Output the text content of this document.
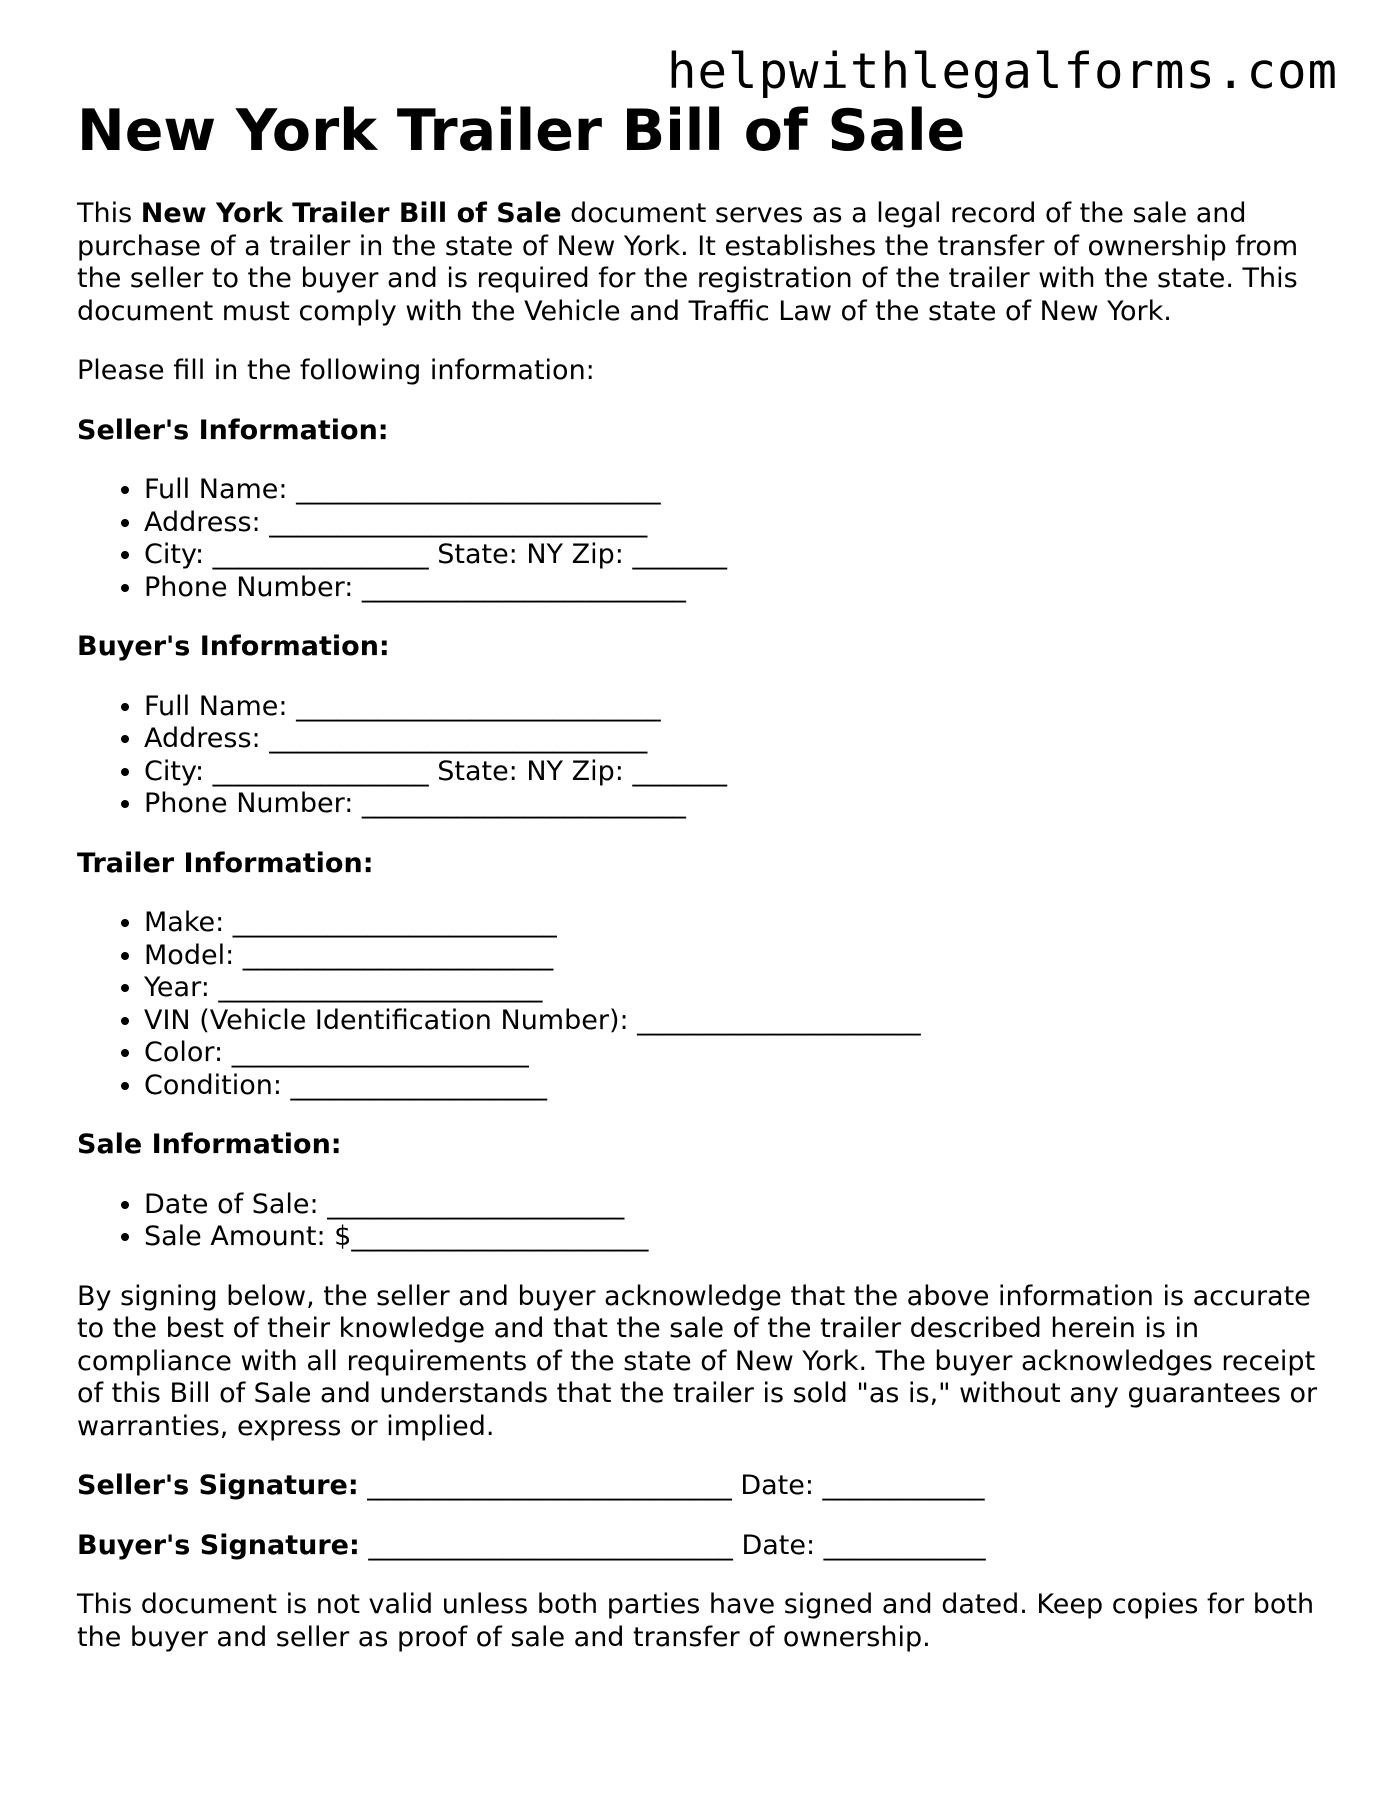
helpwithlegalforms.com
New York Trailer Bill of Sale

This New York Trailer Bill of Sale document serves as a legal record of the sale and purchase of a trailer in the state of New York. It establishes the transfer of ownership from the seller to the buyer and is required for the registration of the trailer with the state. This document must comply with the Vehicle and Traffic Law of the state of New York.

Please fill in the following information:

Seller's Information:

• Full Name: ___________________________
• Address: ____________________________
• City: ________________ State: NY Zip: _______
• Phone Number: ________________________

Buyer's Information:

• Full Name: ___________________________
• Address: ____________________________
• City: ________________ State: NY Zip: _______
• Phone Number: ________________________

Trailer Information:

• Make: ________________________
• Model: _______________________
• Year: ________________________
• VIN (Vehicle Identification Number): _____________________
• Color: ______________________
• Condition: ___________________

Sale Information:

• Date of Sale: ______________________
• Sale Amount: $______________________

By signing below, the seller and buyer acknowledge that the above information is accurate to the best of their knowledge and that the sale of the trailer described herein is in compliance with all requirements of the state of New York. The buyer acknowledges receipt of this Bill of Sale and understands that the trailer is sold "as is," without any guarantees or warranties, express or implied.

Seller's Signature: ___________________________ Date: ____________

Buyer's Signature: ___________________________ Date: ____________

This document is not valid unless both parties have signed and dated. Keep copies for both the buyer and seller as proof of sale and transfer of ownership.
